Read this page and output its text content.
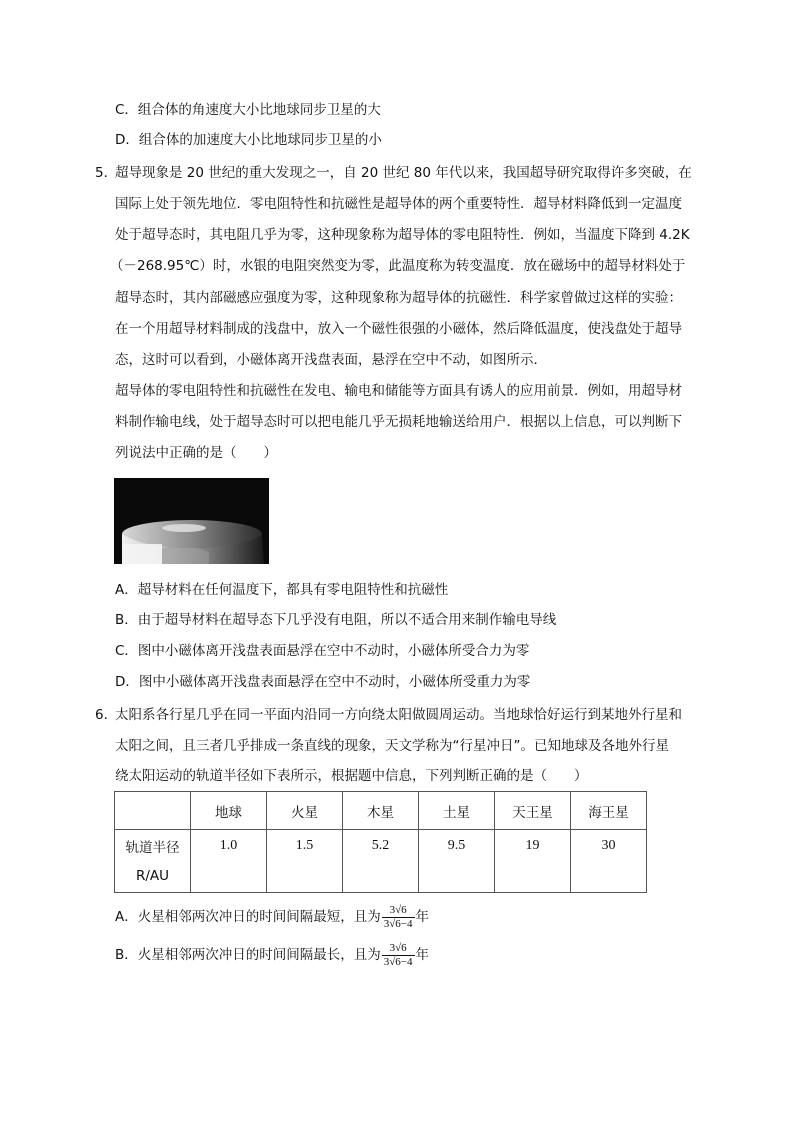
C．组合体的角速度大小比地球同步卫星的大
D．组合体的加速度大小比地球同步卫星的小
5．
超导现象是 20 世纪的重大发现之一，自 20 世纪 80 年代以来，我国超导研究取得许多突破，在
国际上处于领先地位．零电阻特性和抗磁性是超导体的两个重要特性．超导材料降低到一定温度
处于超导态时，其电阻几乎为零，这种现象称为超导体的零电阻特性．例如，当温度下降到 4.2K
（－268.95℃）时，水银的电阻突然变为零，此温度称为转变温度．放在磁场中的超导材料处于
超导态时，其内部磁感应强度为零，这种现象称为超导体的抗磁性．科学家曾做过这样的实验：
在一个用超导材料制成的浅盘中，放入一个磁性很强的小磁体，然后降低温度，使浅盘处于超导
态，这时可以看到，小磁体离开浅盘表面，悬浮在空中不动，如图所示．
超导体的零电阻特性和抗磁性在发电、输电和储能等方面具有诱人的应用前景．例如，用超导材
料制作输电线，处于超导态时可以把电能几乎无损耗地输送给用户．根据以上信息，可以判断下
列说法中正确的是（　　）
A．超导材料在任何温度下，都具有零电阻特性和抗磁性
B．由于超导材料在超导态下几乎没有电阻，所以不适合用来制作输电导线
C．图中小磁体离开浅盘表面悬浮在空中不动时，小磁体所受合力为零
D．图中小磁体离开浅盘表面悬浮在空中不动时，小磁体所受重力为零
6．
太阳系各行星几乎在同一平面内沿同一方向绕太阳做圆周运动。当地球恰好运行到某地外行星和
太阳之间，且三者几乎排成一条直线的现象，天文学称为“行星冲日”。已知地球及各地外行星
绕太阳运动的轨道半径如下表所示，根据题中信息，下列判断正确的是（　　）
	地球	火星	木星	土星	天王星	海王星

轨道半径
R/AU	1.0	1.5	5.2	9.5	19	30
A．火星相邻两次冲日的时间间隔最短，且为 $\frac{3√6}{3√6-4}$ 年
B．火星相邻两次冲日的时间间隔最长，且为 $\frac{3√6}{3√6-4}$ 年
